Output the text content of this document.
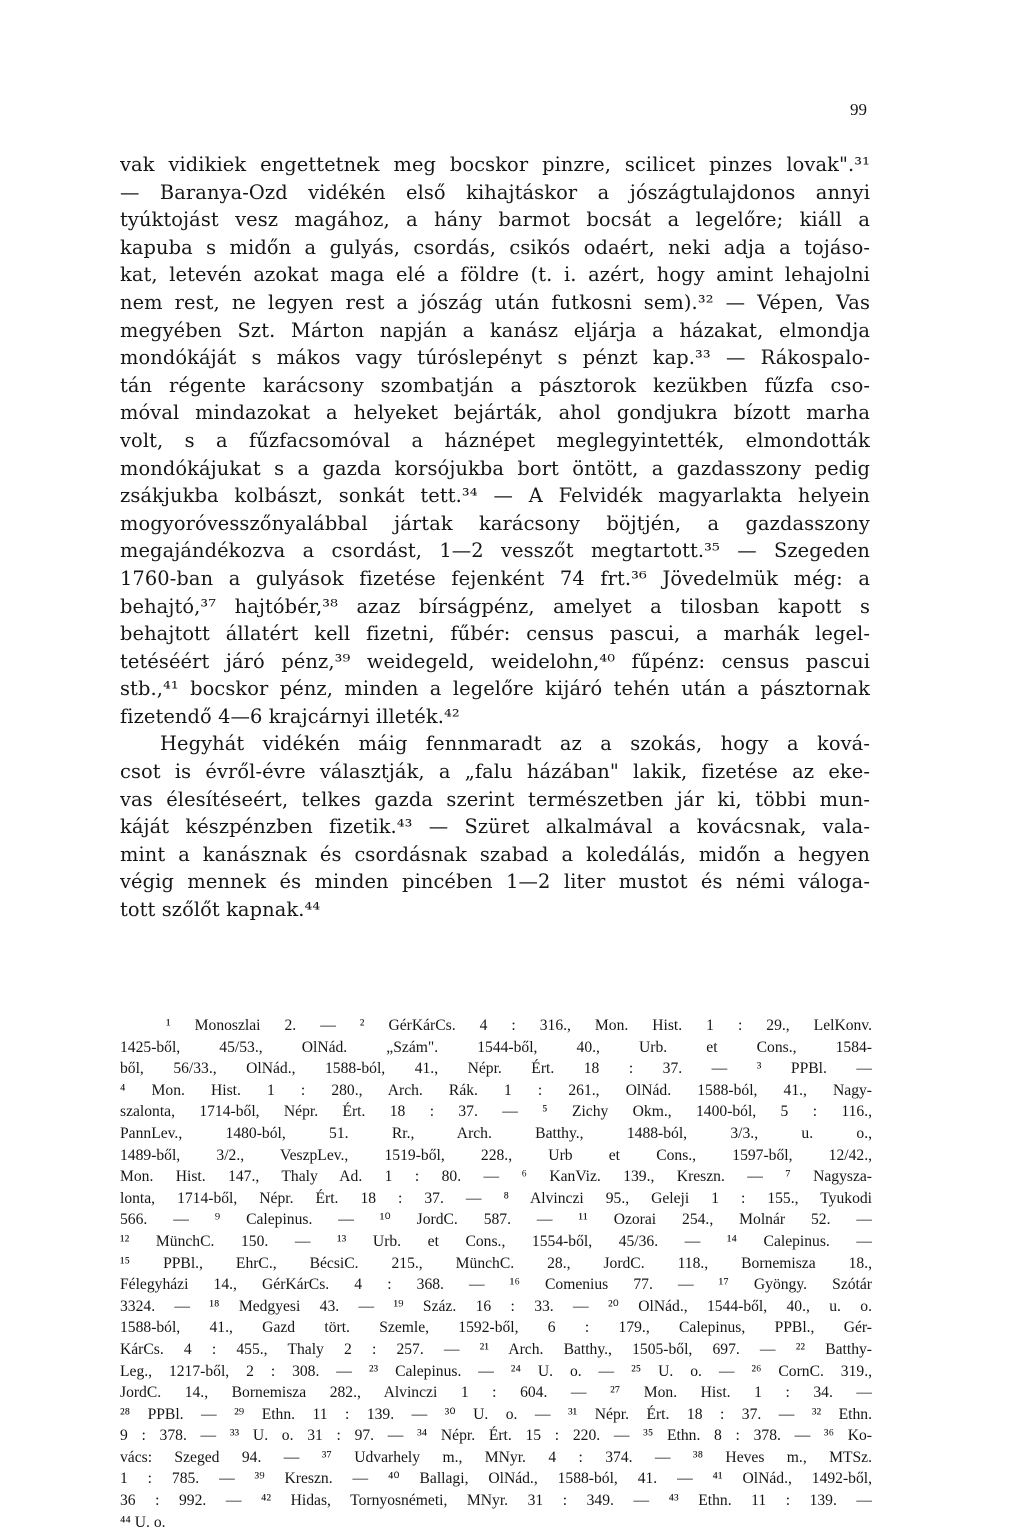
99
vak vidikiek engettetnek meg bocskor pinzre, scilicet pinzes lovak".³¹
— Baranya-Ozd vidékén első kihajtáskor a jószágtulajdonos annyi
tyúktojást vesz magához, a hány barmot bocsát a legelőre; kiáll a
kapuba s midőn a gulyás, csordás, csikós odaért, neki adja a tojáso-
kat, letevén azokat maga elé a földre (t. i. azért, hogy amint lehajolni
nem rest, ne legyen rest a jószág után futkosni sem).³² — Vépen, Vas
megyében Szt. Márton napján a kanász eljárja a házakat, elmondja
mondókáját s mákos vagy túróslepényt s pénzt kap.³³ — Rákospalo-
tán régente karácsony szombatján a pásztorok kezükben fűzfa cso-
móval mindazokat a helyeket bejárták, ahol gondjukra bízott marha
volt, s a fűzfacsomóval a háznépet meglegyintették, elmondották
mondókájukat s a gazda korsójukba bort öntött, a gazdasszony pedig
zsákjukba kolbászt, sonkát tett.³⁴ — A Felvidék magyarlakta helyein
mogyoróvesszőnyalábbal jártak karácsony böjtjén, a gazdasszony
megajándékozva a csordást, 1—2 vesszőt megtartott.³⁵ — Szegeden
1760-ban a gulyások fizetése fejenként 74 frt.³⁶ Jövedelmük még: a
behajtó,³⁷ hajtóbér,³⁸ azaz bírságpénz, amelyet a tilosban kapott s
behajtott állatért kell fizetni, fűbér: census pascui, a marhák legel-
tetéséért járó pénz,³⁹ weidegeld, weidelohn,⁴⁰ fűpénz: census pascui
stb.,⁴¹ bocskor pénz, minden a legelőre kijáró tehén után a pásztornak
fizetendő 4—6 krajcárnyi illeték.⁴²
Hegyhát vidékén máig fennmaradt az a szokás, hogy a ková-
csot is évről-évre választják, a „falu házában" lakik, fizetése az eke-
vas élesítéseért, telkes gazda szerint természetben jár ki, többi mun-
káját készpénzben fizetik.⁴³ — Szüret alkalmával a kovácsnak, vala-
mint a kanásznak és csordásnak szabad a koledálás, midőn a hegyen
végig mennek és minden pincében 1—2 liter mustot és némi váloga-
tott szőlőt kapnak.⁴⁴
¹ Monoszlai 2. — ² GérKárCs. 4 : 316., Mon. Hist. 1 : 29., LelKonv.
1425-ből, 45/53., OlNád. „Szám". 1544-ből, 40., Urb. et Cons., 1584-
ből, 56/33., OlNád., 1588-ból, 41., Népr. Ért. 18 : 37. — ³ PPBl. —
⁴ Mon. Hist. 1 : 280., Arch. Rák. 1 : 261., OlNád. 1588-ból, 41., Nagy-
szalonta, 1714-ből, Népr. Ért. 18 : 37. — ⁵ Zichy Okm., 1400-ból, 5 : 116.,
PannLev., 1480-ból, 51. Rr., Arch. Batthy., 1488-ból, 3/3., u. o.,
1489-ből, 3/2., VeszpLev., 1519-ből, 228., Urb et Cons., 1597-ből, 12/42.,
Mon. Hist. 147., Thaly Ad. 1 : 80. — ⁶ KanViz. 139., Kreszn. — ⁷ Nagysza-
lonta, 1714-ből, Népr. Ért. 18 : 37. — ⁸ Alvinczi 95., Geleji 1 : 155., Tyukodi
566. — ⁹ Calepinus. — ¹⁰ JordC. 587. — ¹¹ Ozorai 254., Molnár 52. —
¹² MünchC. 150. — ¹³ Urb. et Cons., 1554-ből, 45/36. — ¹⁴ Calepinus. —
¹⁵ PPBl., EhrC., BécsiC. 215., MünchC. 28., JordC. 118., Bornemisza 18.,
Félegyházi 14., GérKárCs. 4 : 368. — ¹⁶ Comenius 77. — ¹⁷ Gyöngy. Szótár
3324. — ¹⁸ Medgyesi 43. — ¹⁹ Száz. 16 : 33. — ²⁰ OlNád., 1544-ből, 40., u. o.
1588-ból, 41., Gazd tört. Szemle, 1592-ből, 6 : 179., Calepinus, PPBl., Gér-
KárCs. 4 : 455., Thaly 2 : 257. — ²¹ Arch. Batthy., 1505-ből, 697. — ²² Batthy-
Leg., 1217-ből, 2 : 308. — ²³ Calepinus. — ²⁴ U. o. — ²⁵ U. o. — ²⁶ CornC. 319.,
JordC. 14., Bornemisza 282., Alvinczi 1 : 604. — ²⁷ Mon. Hist. 1 : 34. —
²⁸ PPBl. — ²⁹ Ethn. 11 : 139. — ³⁰ U. o. — ³¹ Népr. Ért. 18 : 37. — ³² Ethn.
9 : 378. — ³³ U. o. 31 : 97. — ³⁴ Népr. Ért. 15 : 220. — ³⁵ Ethn. 8 : 378. — ³⁶ Ko-
vács: Szeged 94. — ³⁷ Udvarhely m., MNyr. 4 : 374. — ³⁸ Heves m., MTSz.
1 : 785. — ³⁹ Kreszn. — ⁴⁰ Ballagi, OlNád., 1588-ból, 41. — ⁴¹ OlNád., 1492-ből,
36 : 992. — ⁴² Hidas, Tornyosnémeti, MNyr. 31 : 349. — ⁴³ Ethn. 11 : 139. —
⁴⁴ U. o.
